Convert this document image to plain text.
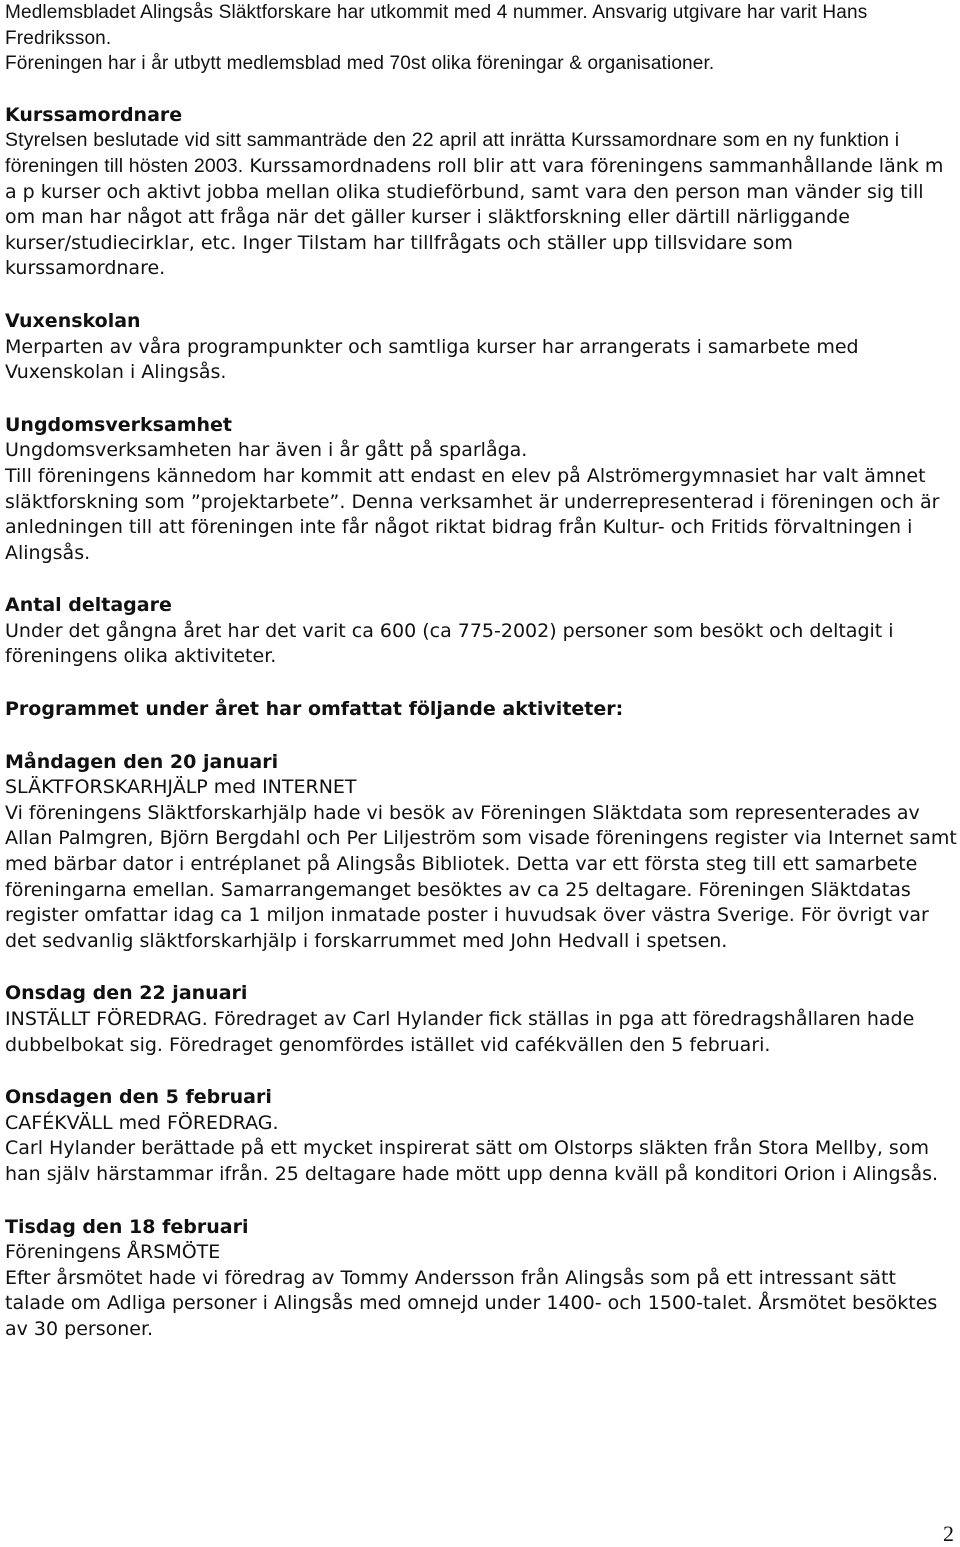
Medlemsbladet Alingsås Släktforskare har utkommit med 4 nummer. Ansvarig utgivare har varit Hans Fredriksson.

Föreningen har i år utbytt medlemsblad med 70st olika föreningar & organisationer.

Kurssamordnare

Styrelsen beslutade vid sitt sammanträde den 22 april att inrätta Kurssamordnare som en ny funktion i föreningen till hösten 2003. Kurssamordnadens roll blir att vara föreningens sammanhållande länk m a p kurser och aktivt jobba mellan olika studieförbund, samt vara den person man vänder sig till om man har något att fråga när det gäller kurser i släktforskning eller därtill närliggande kurser/studiecirklar, etc. Inger Tilstam har tillfrågats och ställer upp tillsvidare som kurssamordnare.

Vuxenskolan

Merparten av våra programpunkter och samtliga kurser har arrangerats i samarbete med Vuxenskolan i Alingsås.

Ungdomsverksamhet

Ungdomsverksamheten har även i år gått på sparlåga.

Till föreningens kännedom har kommit att endast en elev på Alströmergymnasiet har valt ämnet släktforskning som ”projektarbete”. Denna verksamhet är underrepresenterad i föreningen och är anledningen till att föreningen inte får något riktat bidrag från Kultur- och Fritids förvaltningen i Alingsås.

Antal deltagare

Under det gångna året har det varit ca 600 (ca 775-2002) personer som besökt och deltagit i föreningens olika aktiviteter.

Programmet under året har omfattat följande aktiviteter:
Måndagen den 20 januari

SLÄKTFORSKARHJÄLP med INTERNET

Vi föreningens Släktforskarhjälp hade vi besök av Föreningen Släktdata som representerades av Allan Palmgren, Björn Bergdahl och Per Liljeström som visade föreningens register via Internet samt med bärbar dator i entréplanet på Alingsås Bibliotek. Detta var ett första steg till ett samarbete föreningarna emellan. Samarrangemanget besöktes av ca 25 deltagare. Föreningen Släktdatas register omfattar idag ca 1 miljon inmatade poster i huvudsak över västra Sverige. För övrigt var det sedvanlig släktforskarhjälp i forskarrummet med John Hedvall i spetsen.

Onsdag den 22 januari

INSTÄLLT FÖREDRAG. Föredraget av Carl Hylander fick ställas in pga att föredragshållaren hade dubbelbokat sig. Föredraget genomfördes istället vid cafékvällen den 5 februari.

Onsdagen den 5 februari

CAFÉKVÄLL med FÖREDRAG.

Carl Hylander berättade på ett mycket inspirerat sätt om Olstorps släkten från Stora Mellby, som han själv härstammar ifrån. 25 deltagare hade mött upp denna kväll på konditori Orion i Alingsås.

Tisdag den 18 februari

Föreningens ÅRSMÖTE

Efter årsmötet hade vi föredrag av Tommy Andersson från Alingsås som på ett intressant sätt talade om Adliga personer i Alingsås med omnejd under 1400- och 1500-talet. Årsmötet besöktes av 30 personer.

2
